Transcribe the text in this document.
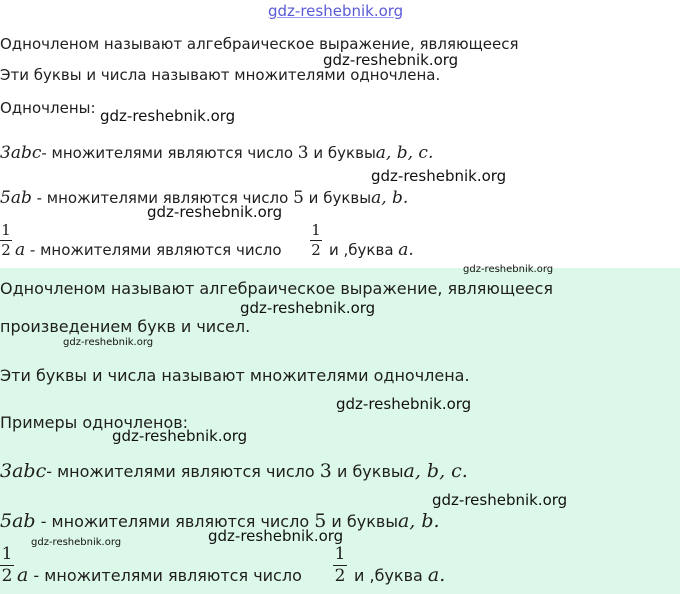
gdz-reshebnik.org
Одночленом называют алгебраическое выражение, являющееся
Эти буквы и числа называют множителями одночлена.
Одночлены:
3abc- множителями являются число 3 и буквыa, b, c.
5ab - множителями являются число 5 и буквыa, b.
1
2 a - множителями являются число
1
2 и ,буква a.
Одночленом называют алгебраическое выражение, являющееся
произведением букв и чисел.
Эти буквы и числа называют множителями одночлена.
Примеры одночленов:
3abc- множителями являются число 3 и буквыa, b, c.
5ab - множителями являются число 5 и буквыa, b.
1
2 a - множителями являются число
1
2 и ,буква a.
gdz-reshebnik.org
gdz-reshebnik.org
gdz-reshebnik.org
gdz-reshebnik.org
gdz-reshebnik.org
gdz-reshebnik.org
gdz-reshebnik.org
gdz-reshebnik.org
gdz-reshebnik.org
gdz-reshebnik.org
gdz-reshebnik.org
gdz-reshebnik.org
